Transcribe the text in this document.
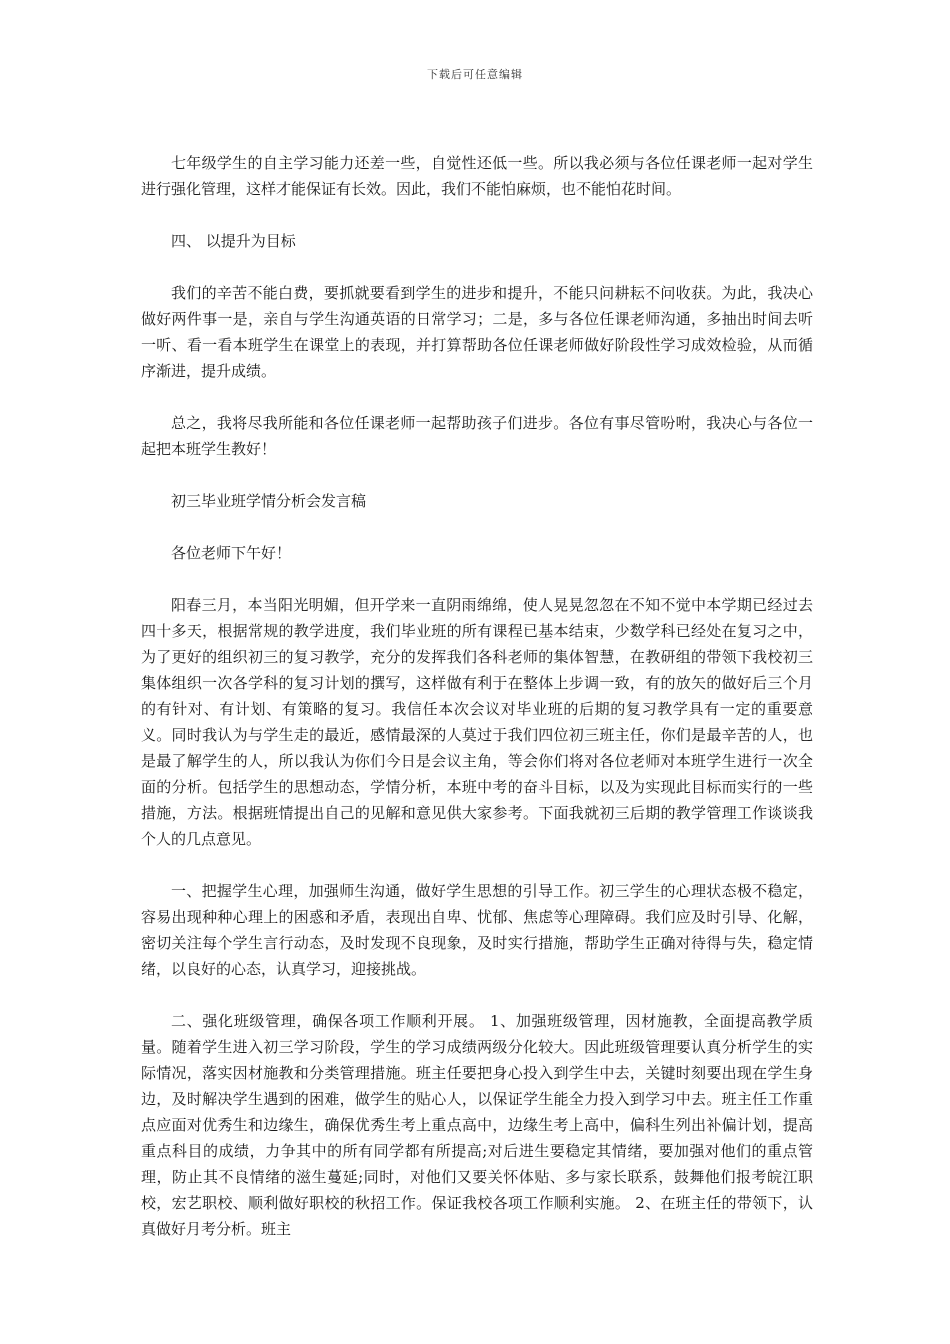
下载后可任意编辑

七年级学生的自主学习能力还差一些，自觉性还低一些。所以我必须与各位任课老师一起对学生进行强化管理，这样才能保证有长效。因此，我们不能怕麻烦，也不能怕花时间。

四、 以提升为目标

我们的辛苦不能白费，要抓就要看到学生的进步和提升，不能只问耕耘不问收获。为此，我决心做好两件事一是，亲自与学生沟通英语的日常学习；二是，多与各位任课老师沟通，多抽出时间去听一听、看一看本班学生在课堂上的表现，并打算帮助各位任课老师做好阶段性学习成效检验，从而循序渐进，提升成绩。

总之，我将尽我所能和各位任课老师一起帮助孩子们进步。各位有事尽管吩咐，我决心与各位一起把本班学生教好！

初三毕业班学情分析会发言稿

各位老师下午好！

阳春三月，本当阳光明媚，但开学来一直阴雨绵绵，使人晃晃忽忽在不知不觉中本学期已经过去四十多天，根据常规的教学进度，我们毕业班的所有课程已基本结束，少数学科已经处在复习之中，为了更好的组织初三的复习教学，充分的发挥我们各科老师的集体智慧，在教研组的带领下我校初三集体组织一次各学科的复习计划的撰写，这样做有利于在整体上步调一致，有的放矢的做好后三个月的有针对、有计划、有策略的复习。我信任本次会议对毕业班的后期的复习教学具有一定的重要意义。同时我认为与学生走的最近，感情最深的人莫过于我们四位初三班主任，你们是最辛苦的人，也是最了解学生的人，所以我认为你们今日是会议主角，等会你们将对各位老师对本班学生进行一次全面的分析。包括学生的思想动态，学情分析，本班中考的奋斗目标，以及为实现此目标而实行的一些措施，方法。根据班情提出自己的见解和意见供大家参考。下面我就初三后期的教学管理工作谈谈我个人的几点意见。

一、把握学生心理，加强师生沟通，做好学生思想的引导工作。初三学生的心理状态极不稳定，容易出现种种心理上的困惑和矛盾，表现出自卑、忧郁、焦虑等心理障碍。我们应及时引导、化解，密切关注每个学生言行动态，及时发现不良现象，及时实行措施，帮助学生正确对待得与失，稳定情绪，以良好的心态，认真学习，迎接挑战。

二、强化班级管理，确保各项工作顺利开展。 1、加强班级管理，因材施教，全面提高教学质量。随着学生进入初三学习阶段，学生的学习成绩两级分化较大。因此班级管理要认真分析学生的实际情况，落实因材施教和分类管理措施。班主任要把身心投入到学生中去，关键时刻要出现在学生身边，及时解决学生遇到的困难，做学生的贴心人，以保证学生能全力投入到学习中去。班主任工作重点应面对优秀生和边缘生，确保优秀生考上重点高中，边缘生考上高中，偏科生列出补偏计划，提高重点科目的成绩，力争其中的所有同学都有所提高;对后进生要稳定其情绪，要加强对他们的重点管理，防止其不良情绪的滋生蔓延;同时，对他们又要关怀体贴、多与家长联系，鼓舞他们报考皖江职校，宏艺职校、顺利做好职校的秋招工作。保证我校各项工作顺利实施。 2、在班主任的带领下，认真做好月考分析。班主
